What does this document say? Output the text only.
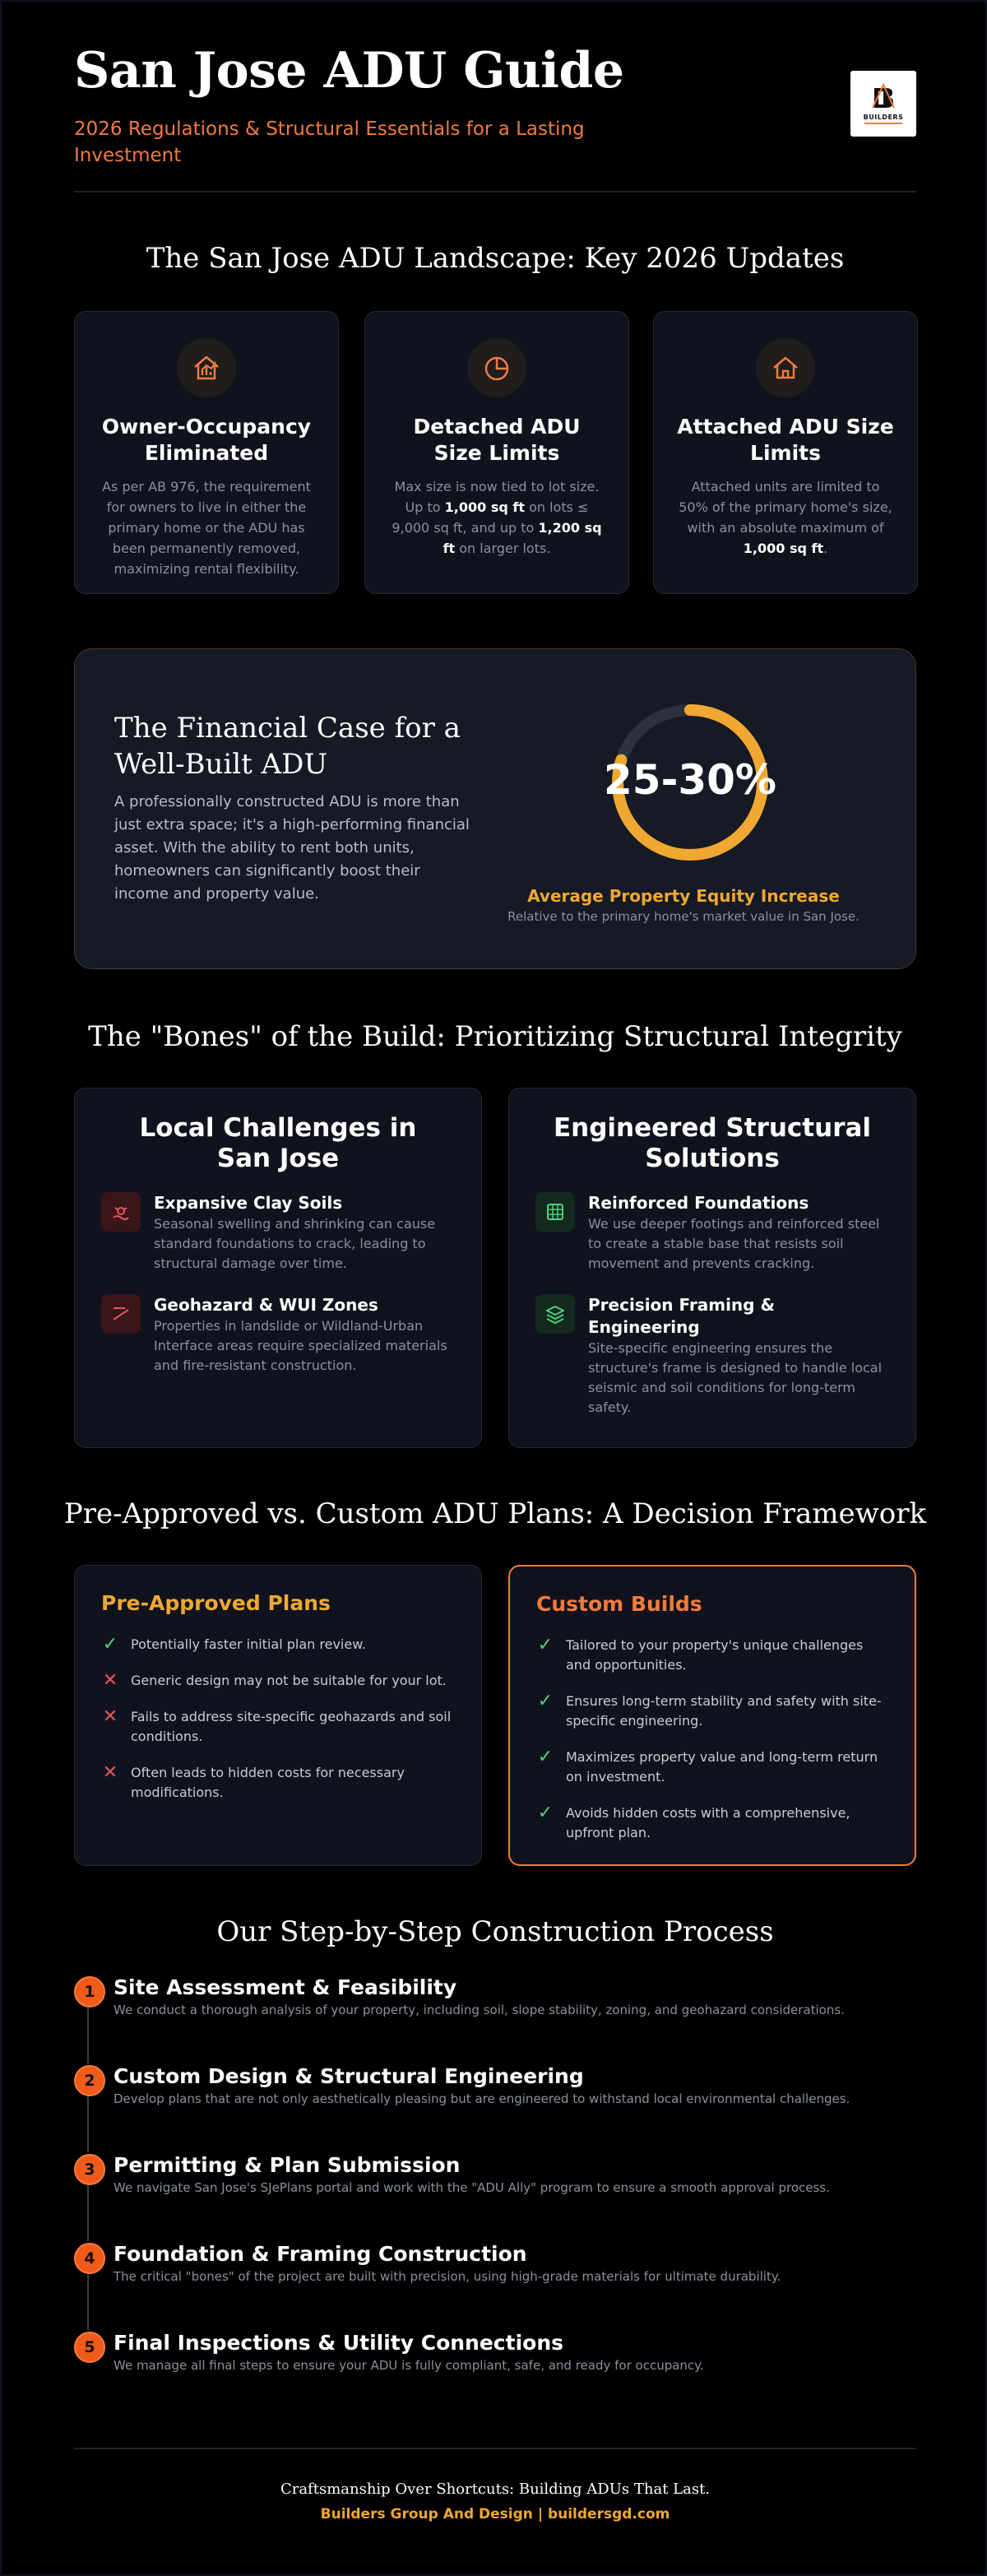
San Jose ADU Guide
2026 Regulations & Structural Essentials for a Lasting Investment
BUILDERS
The San Jose ADU Landscape: Key 2026 Updates
Owner-Occupancy Eliminated

As per AB 976, the requirement for owners to live in either the primary home or the ADU has been permanently removed, maximizing rental flexibility.

Detached ADU Size Limits

Max size is now tied to lot size. Up to 1,000 sq ft on lots ≤ 9,000 sq ft, and up to 1,200 sq ft on larger lots.

Attached ADU Size Limits

Attached units are limited to 50% of the primary home's size, with an absolute maximum of 1,000 sq ft.

The Financial Case for a Well-Built ADU

A professionally constructed ADU is more than just extra space; it's a high-performing financial asset. With the ability to rent both units, homeowners can significantly boost their income and property value.

25-30%
Average Property Equity Increase
Relative to the primary home's market value in San Jose.
The "Bones" of the Build: Prioritizing Structural Integrity
Local Challenges in San Jose
Expansive Clay Soils

Seasonal swelling and shrinking can cause standard foundations to crack, leading to structural damage over time.

Geohazard & WUI Zones

Properties in landslide or Wildland-Urban Interface areas require specialized materials and fire-resistant construction.

Engineered Structural Solutions
Reinforced Foundations

We use deeper footings and reinforced steel to create a stable base that resists soil movement and prevents cracking.

Precision Framing & Engineering

Site-specific engineering ensures the structure's frame is designed to handle local seismic and soil conditions for long-term safety.

Pre-Approved vs. Custom ADU Plans: A Decision Framework
Pre-Approved Plans
✓ Potentially faster initial plan review.
✕ Generic design may not be suitable for your lot.
✕ Fails to address site-specific geohazards and soil conditions.
✕ Often leads to hidden costs for necessary modifications.
Custom Builds
✓ Tailored to your property's unique challenges and opportunities.
✓ Ensures long-term stability and safety with site-specific engineering.
✓ Maximizes property value and long-term return on investment.
✓ Avoids hidden costs with a comprehensive, upfront plan.
Our Step-by-Step Construction Process
1 Site Assessment & Feasibility

We conduct a thorough analysis of your property, including soil, slope stability, zoning, and geohazard considerations.

2 Custom Design & Structural Engineering

Develop plans that are not only aesthetically pleasing but are engineered to withstand local environmental challenges.

3 Permitting & Plan Submission

We navigate San Jose's SJePlans portal and work with the "ADU Ally" program to ensure a smooth approval process.

4 Foundation & Framing Construction

The critical "bones" of the project are built with precision, using high-grade materials for ultimate durability.

5 Final Inspections & Utility Connections

We manage all final steps to ensure your ADU is fully compliant, safe, and ready for occupancy.

Craftsmanship Over Shortcuts: Building ADUs That Last.
Builders Group And Design | buildersgd.com
